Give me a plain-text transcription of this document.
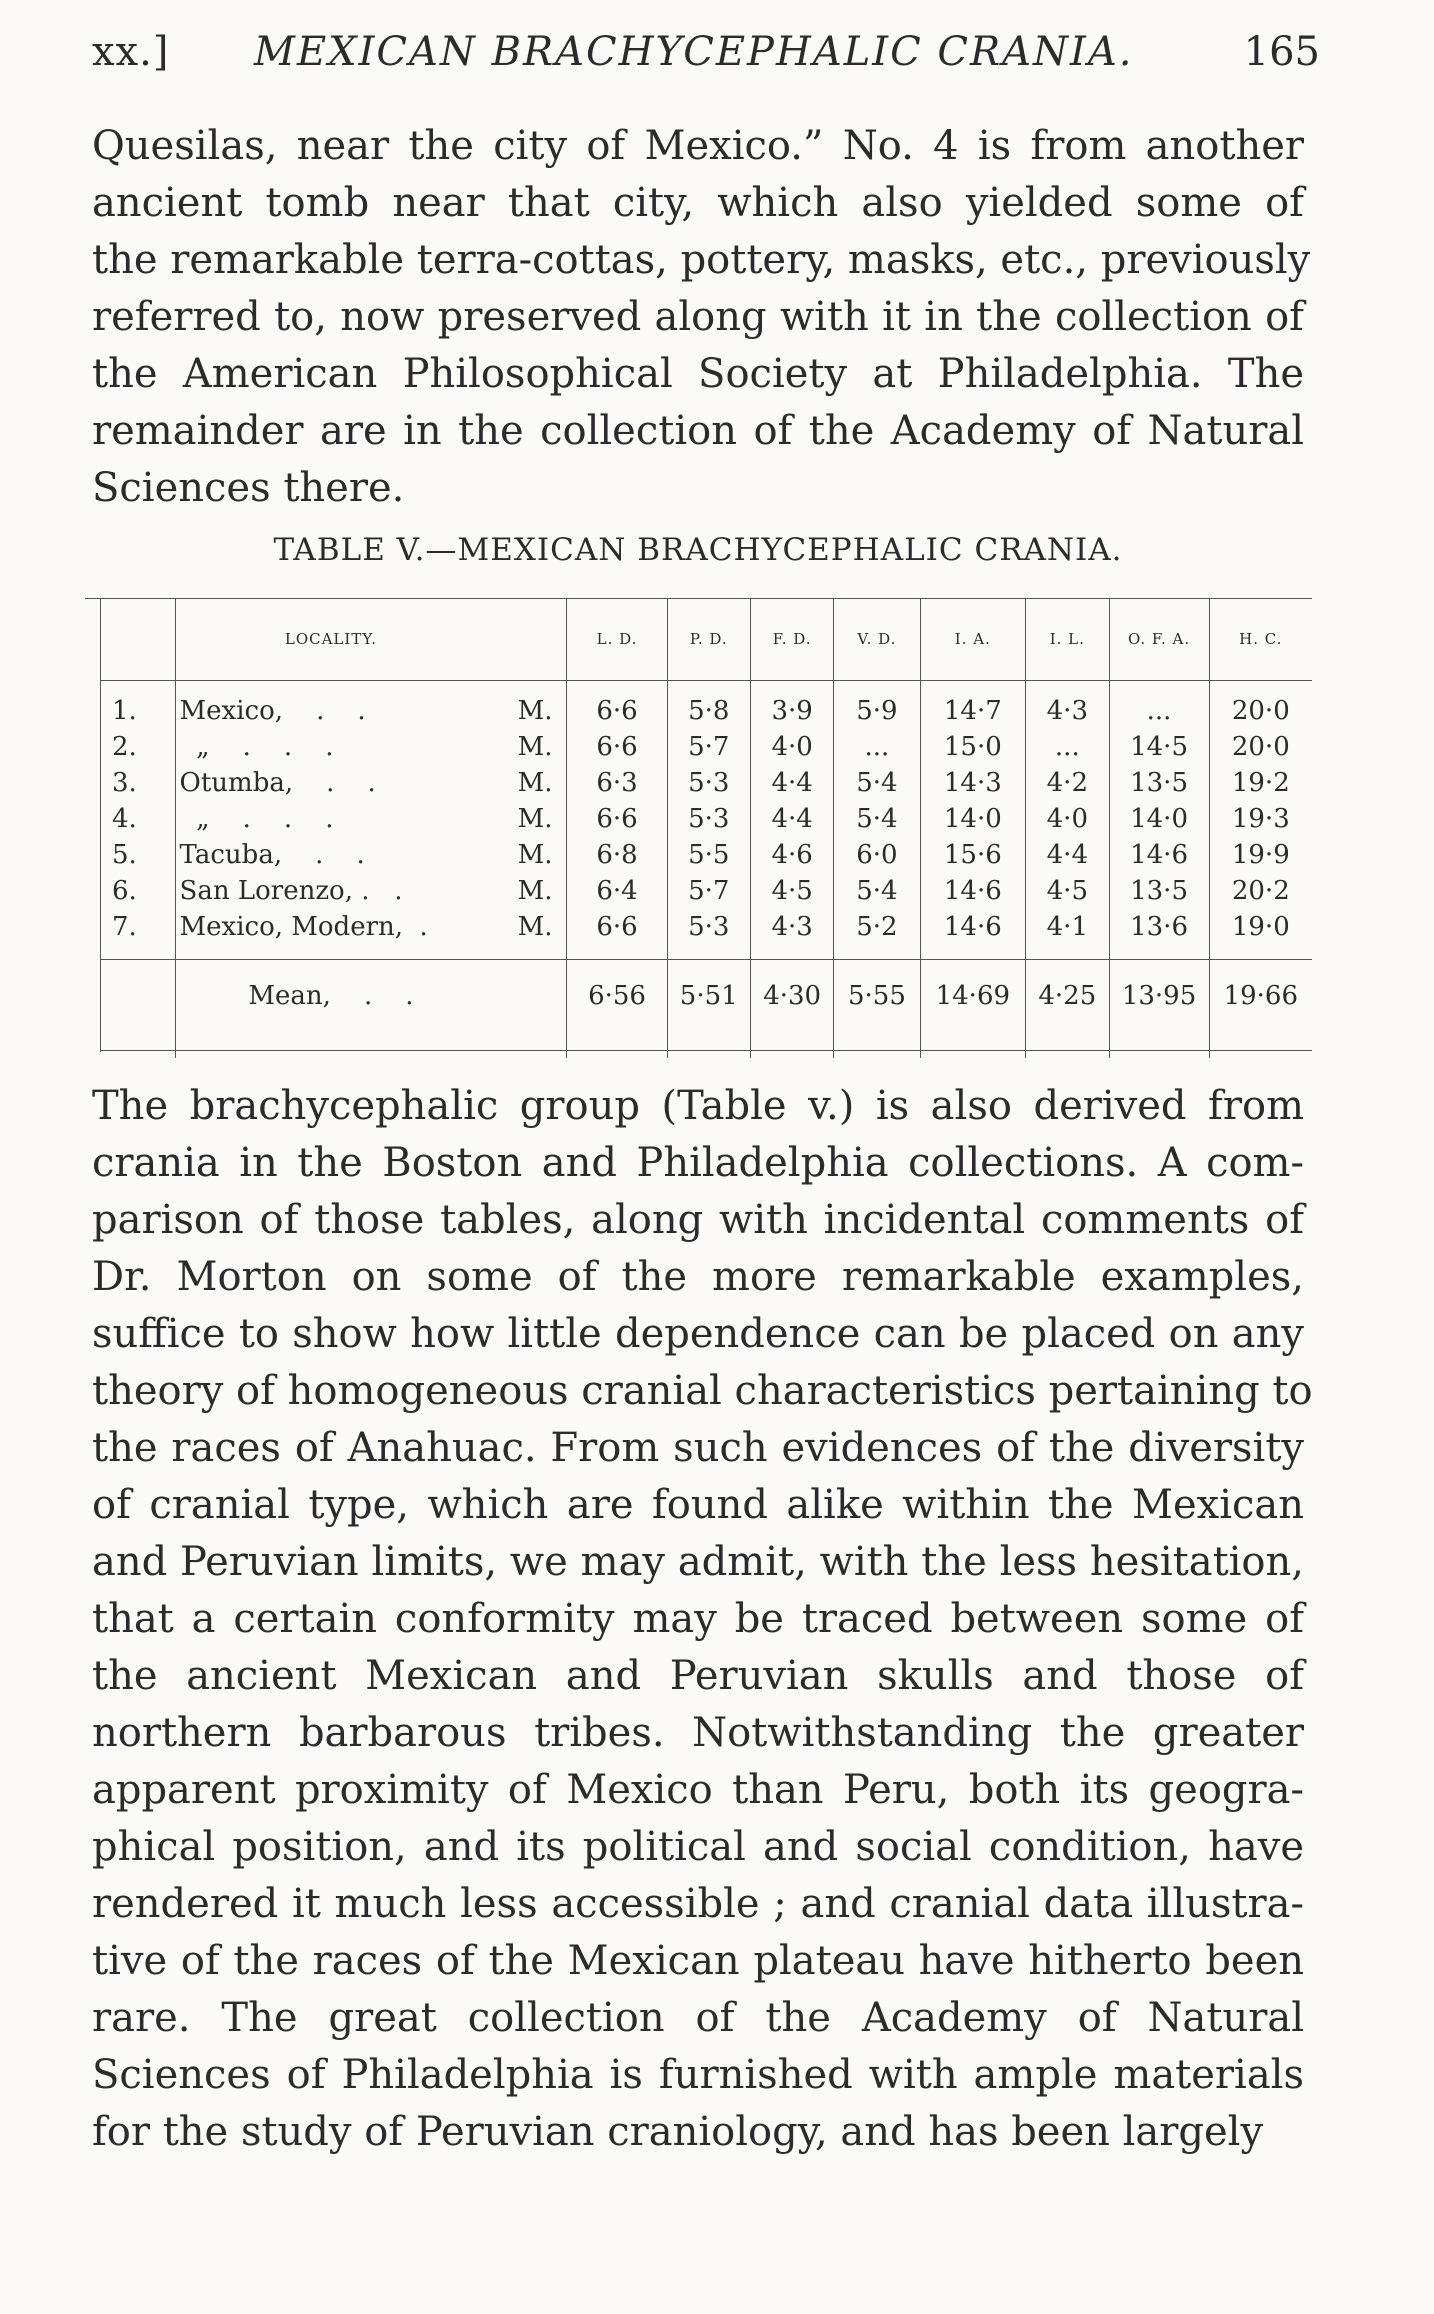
xx.] MEXICAN BRACHYCEPHALIC CRANIA.	165
Quesilas, near the city of Mexico.” No. 4 is from another
ancient tomb near that city, which also yielded some of
the remarkable terra-cottas, pottery, masks, etc., previously
referred to, now preserved along with it in the collection of
the American Philosophical Society at Philadelphia. The
remainder are in the collection of the Academy of Natural
Sciences there.
TABLE V.—MEXICAN BRACHYCEPHALIC CRANIA.
	LOCALITY.		L. D.	P. D.	F. D.	V. D.	I. A.	I. L.	O. F. A.	H. C.
1.	Mexico,    .    .	M.	6·6	5·8	3·9	5·9	14·7	4·3	...	20·0
2.	„    .    .    .	M.	6·6	5·7	4·0	...	15·0	...	14·5	20·0
3.	Otumba,    .    .	M.	6·3	5·3	4·4	5·4	14·3	4·2	13·5	19·2
4.	„    .    .    .	M.	6·6	5·3	4·4	5·4	14·0	4·0	14·0	19·3
5.	Tacuba,    .    .	M.	6·8	5·5	4·6	6·0	15·6	4·4	14·6	19·9
6.	San Lorenzo, .   .	M.	6·4	5·7	4·5	5·4	14·6	4·5	13·5	20·2
7.	Mexico, Modern,  .	M.	6·6	5·3	4·3	5·2	14·6	4·1	13·6	19·0
	Mean,    .    .		6·56	5·51	4·30	5·55	14·69	4·25	13·95	19·66

The brachycephalic group (Table v.) is also derived from
crania in the Boston and Philadelphia collections. A com-
parison of those tables, along with incidental comments of
Dr. Morton on some of the more remarkable examples,
suffice to show how little dependence can be placed on any
theory of homogeneous cranial characteristics pertaining to
the races of Anahuac. From such evidences of the diversity
of cranial type, which are found alike within the Mexican
and Peruvian limits, we may admit, with the less hesitation,
that a certain conformity may be traced between some of
the ancient Mexican and Peruvian skulls and those of
northern barbarous tribes. Notwithstanding the greater
apparent proximity of Mexico than Peru, both its geogra-
phical position, and its political and social condition, have
rendered it much less accessible ; and cranial data illustra-
tive of the races of the Mexican plateau have hitherto been
rare. The great collection of the Academy of Natural
Sciences of Philadelphia is furnished with ample materials
for the study of Peruvian craniology, and has been largely
